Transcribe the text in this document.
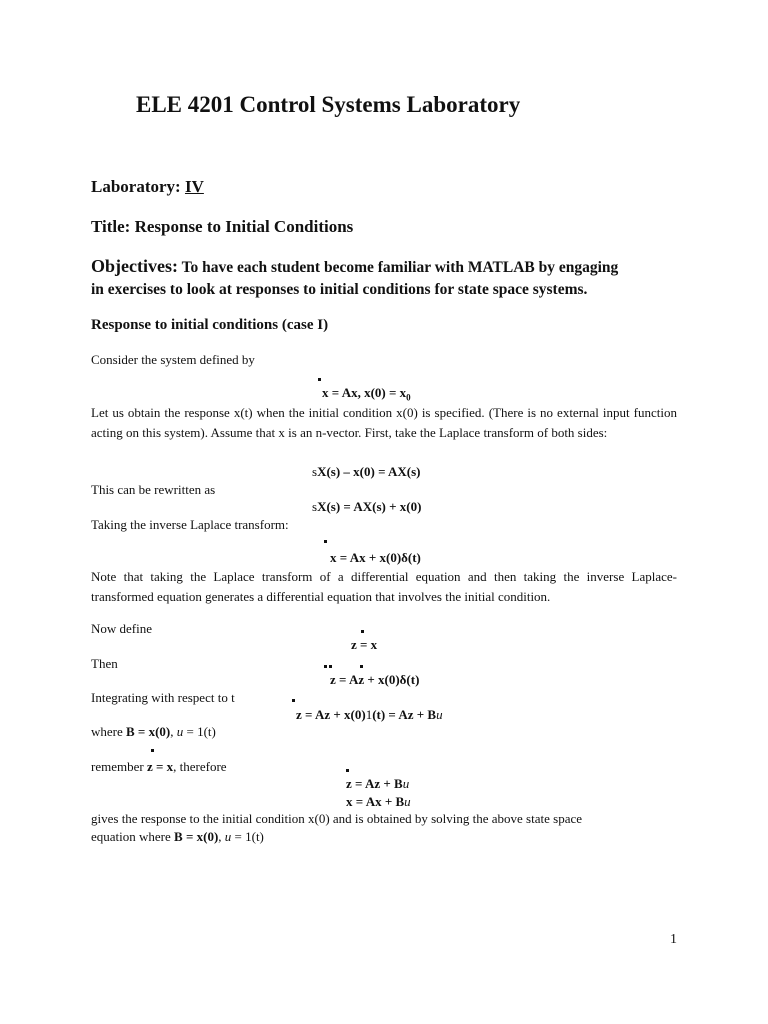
ELE 4201 Control Systems Laboratory
Laboratory: IV
Title: Response to Initial Conditions
Objectives: To have each student become familiar with MATLAB by engaging
in exercises to look at responses to initial conditions for state space systems.
Response to initial conditions (case I)
Consider the system defined by
x = Ax, $x(0) = x_0$
Let us obtain the response x(t) when the initial condition x(0) is specified. (There is no external input function acting on this system). Assume that x is an n-vector. First, take the Laplace transform of both sides:
sX(s) – x(0) = AX(s)
This can be rewritten as
sX(s) = AX(s) + x(0)
Taking the inverse Laplace transform:
x = Ax + x(0)δ(t)
Note that taking the Laplace transform of a differential equation and then taking the inverse Laplace-transformed equation generates a differential equation that involves the initial condition.
Now define
z = x
Then
z = Az + x(0)δ(t)
Integrating with respect to t
z = Az + x(0)1(t) = Az + Bu
where B = x(0), u = 1(t)
remember z = x, therefore
z = Az + Bu
x = Ax + Bu
gives the response to the initial condition x(0) and is obtained by solving the above state space
equation where B = x(0), u = 1(t)
1
